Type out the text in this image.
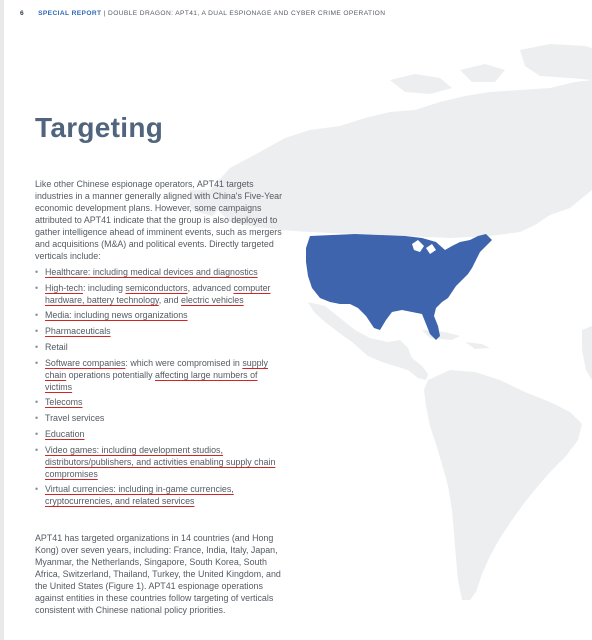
6 SPECIAL REPORT | DOUBLE DRAGON: APT41, A DUAL ESPIONAGE AND CYBER CRIME OPERATION
Targeting
Like other Chinese espionage operators, APT41 targets industries in a manner generally aligned with China's Five-Year economic development plans. However, some campaigns attributed to APT41 indicate that the group is also deployed to gather intelligence ahead of imminent events, such as mergers and acquisitions (M&A) and political events. Directly targeted verticals include:
• Healthcare: including medical devices and diagnostics
• High-tech: including semiconductors, advanced computer hardware, battery technology, and electric vehicles
• Media: including news organizations
• Pharmaceuticals
• Retail
• Software companies: which were compromised in supply chain operations potentially affecting large numbers of victims
• Telecoms
• Travel services
• Education
• Video games: including development studios, distributors/publishers, and activities enabling supply chain compromises
• Virtual currencies: including in-game currencies, cryptocurrencies, and related services
APT41 has targeted organizations in 14 countries (and Hong Kong) over seven years, including: France, India, Italy, Japan, Myanmar, the Netherlands, Singapore, South Korea, South Africa, Switzerland, Thailand, Turkey, the United Kingdom, and the United States (Figure 1). APT41 espionage operations against entities in these countries follow targeting of verticals consistent with Chinese national policy priorities.
